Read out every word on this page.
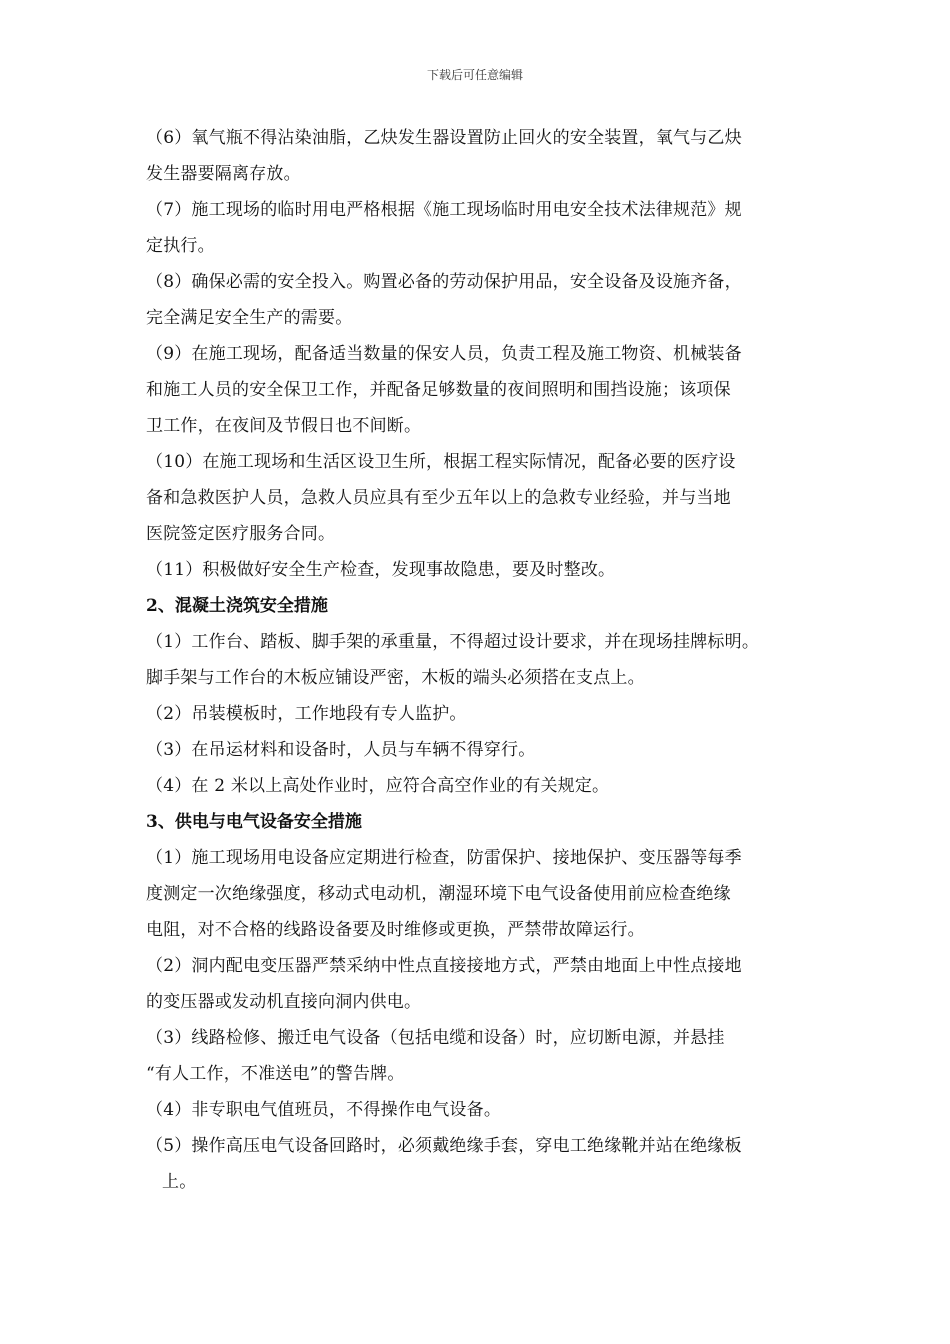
下载后可任意编辑
（6）氧气瓶不得沾染油脂，乙炔发生器设置防止回火的安全装置，氧气与乙炔
发生器要隔离存放。
（7）施工现场的临时用电严格根据《施工现场临时用电安全技术法律规范》规
定执行。
（8）确保必需的安全投入。购置必备的劳动保护用品，安全设备及设施齐备，
完全满足安全生产的需要。
（9）在施工现场，配备适当数量的保安人员，负责工程及施工物资、机械装备
和施工人员的安全保卫工作，并配备足够数量的夜间照明和围挡设施；该项保
卫工作，在夜间及节假日也不间断。
（10）在施工现场和生活区设卫生所，根据工程实际情况，配备必要的医疗设
备和急救医护人员，急救人员应具有至少五年以上的急救专业经验，并与当地
医院签定医疗服务合同。
（11）积极做好安全生产检查，发现事故隐患，要及时整改。
2、混凝土浇筑安全措施
（1）工作台、踏板、脚手架的承重量，不得超过设计要求，并在现场挂牌标明。
脚手架与工作台的木板应铺设严密，木板的端头必须搭在支点上。
（2）吊装模板时，工作地段有专人监护。
（3）在吊运材料和设备时，人员与车辆不得穿行。
（4）在 2 米以上高处作业时，应符合高空作业的有关规定。
3、供电与电气设备安全措施
（1）施工现场用电设备应定期进行检查，防雷保护、接地保护、变压器等每季
度测定一次绝缘强度，移动式电动机，潮湿环境下电气设备使用前应检查绝缘
电阻，对不合格的线路设备要及时维修或更换，严禁带故障运行。
（2）洞内配电变压器严禁采纳中性点直接接地方式，严禁由地面上中性点接地
的变压器或发动机直接向洞内供电。
（3）线路检修、搬迁电气设备（包括电缆和设备）时，应切断电源，并悬挂
“有人工作，不准送电”的警告牌。
（4）非专职电气值班员，不得操作电气设备。
（5）操作高压电气设备回路时，必须戴绝缘手套，穿电工绝缘靴并站在绝缘板
上。
